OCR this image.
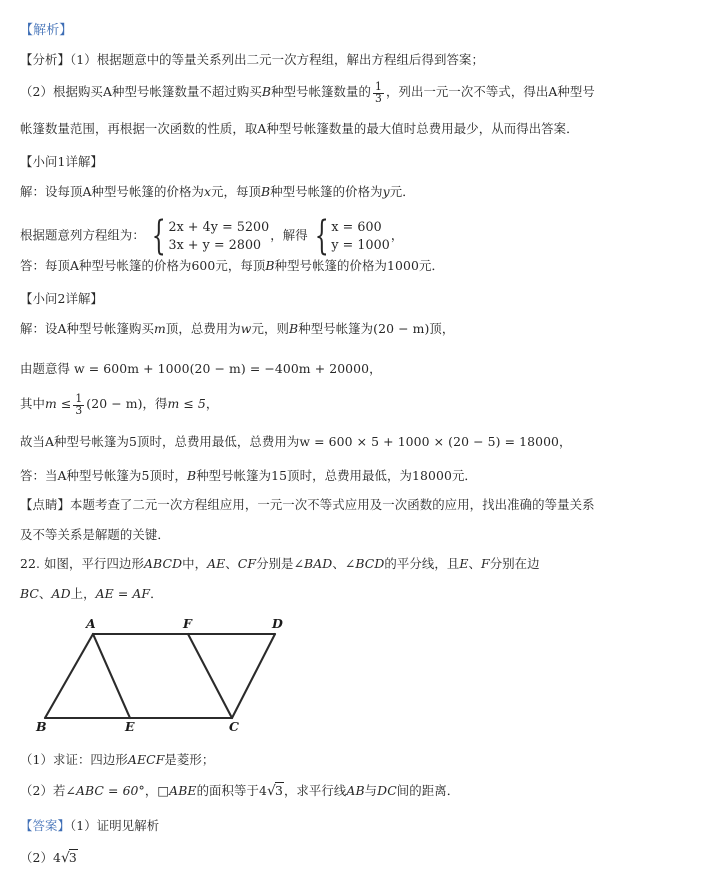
【解析】
【分析】（1）根据题意中的等量关系列出二元一次方程组，解出方程组后得到答案；
（2）根据购买A种型号帐篷数量不超过购买B种型号帐篷数量的 $\frac{1}{3}$ ，列出一元一次不等式，得出A种型号
帐篷数量范围，再根据一次函数的性质，取A种型号帐篷数量的最大值时总费用最少，从而得出答案．
【小问1详解】
解：设每顶A种型号帐篷的价格为x元，每顶B种型号帐篷的价格为y元．
根据题意列方程组为： { 2x + 4y = 5200
3x + y = 2800
，解得 { x = 600
y = 1000
，
答：每顶A种型号帐篷的价格为600元，每顶B种型号帐篷的价格为1000元．
【小问2详解】
解：设A种型号帐篷购买m顶，总费用为w元，则B种型号帐篷为(20 − m)顶，
由题意得 w = 600m + 1000(20 − m) = −400m + 20000，
其中$m \le \frac{1}{3} (20 - m)$，得m ≤ 5，
故当A种型号帐篷为5顶时，总费用最低，总费用为w = 600 × 5 + 1000 × (20 − 5) = 18000，
答：当A种型号帐篷为5顶时，B种型号帐篷为15顶时，总费用最低，为18000元．
【点睛】本题考查了二元一次方程组应用，一元一次不等式应用及一次函数的应用，找出准确的等量关系
及不等关系是解题的关键．
22. 如图，平行四边形ABCD中，AE、CF分别是∠BAD、∠BCD的平分线，且E、F分别在边
BC、AD上，AE = AF．
A	F	D
B	E	C
（1）求证：四边形AECF是菱形；
（2）若∠ABC = 60°，□ABE的面积等于4√3，求平行线AB与DC间的距离．
【答案】（1）证明见解析
（2）4√3
